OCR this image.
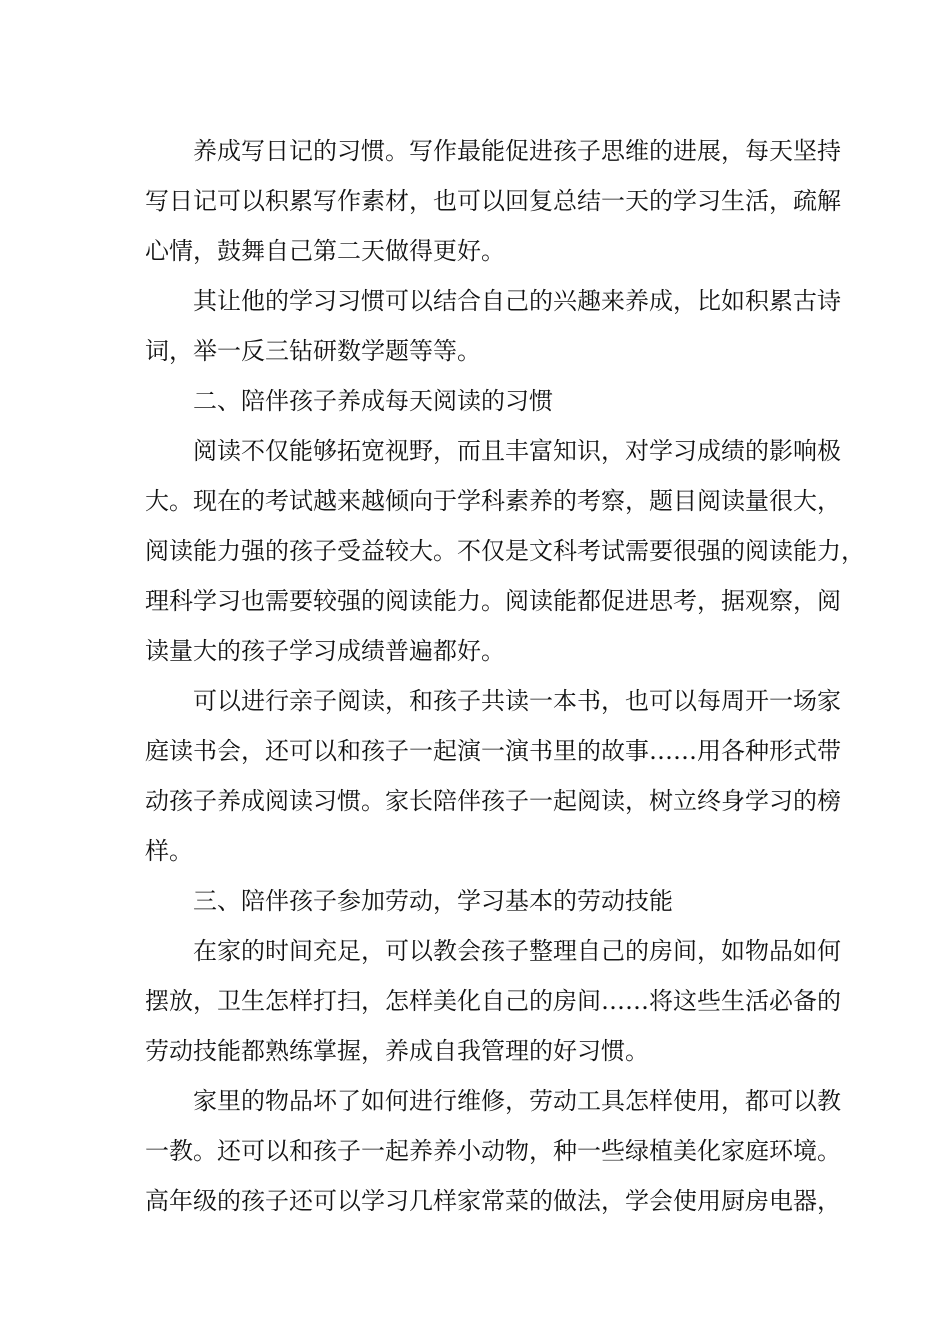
养成写日记的习惯。写作最能促进孩子思维的进展，每天坚持

写日记可以积累写作素材，也可以回复总结一天的学习生活，疏解

心情，鼓舞自己第二天做得更好。

其让他的学习习惯可以结合自己的兴趣来养成，比如积累古诗

词，举一反三钻研数学题等等。

二、陪伴孩子养成每天阅读的习惯

阅读不仅能够拓宽视野，而且丰富知识，对学习成绩的影响极

大。现在的考试越来越倾向于学科素养的考察，题目阅读量很大，

阅读能力强的孩子受益较大。不仅是文科考试需要很强的阅读能力，

理科学习也需要较强的阅读能力。阅读能都促进思考，据观察，阅

读量大的孩子学习成绩普遍都好。

可以进行亲子阅读，和孩子共读一本书，也可以每周开一场家

庭读书会，还可以和孩子一起演一演书里的故事……用各种形式带

动孩子养成阅读习惯。家长陪伴孩子一起阅读，树立终身学习的榜

样。

三、陪伴孩子参加劳动，学习基本的劳动技能

在家的时间充足，可以教会孩子整理自己的房间，如物品如何

摆放，卫生怎样打扫，怎样美化自己的房间……将这些生活必备的

劳动技能都熟练掌握，养成自我管理的好习惯。

家里的物品坏了如何进行维修，劳动工具怎样使用，都可以教

一教。还可以和孩子一起养养小动物，种一些绿植美化家庭环境。

高年级的孩子还可以学习几样家常菜的做法，学会使用厨房电器，
